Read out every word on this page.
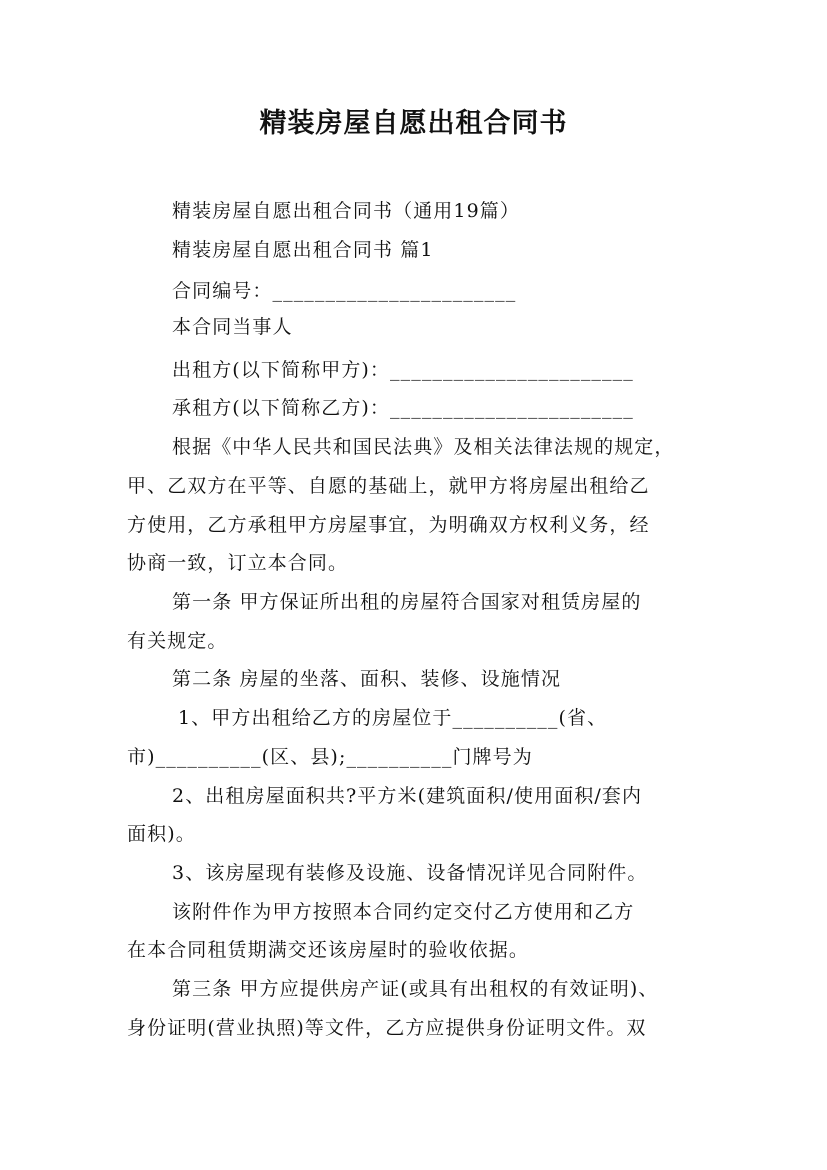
精装房屋自愿出租合同书
精装房屋自愿出租合同书（通用19篇）
精装房屋自愿出租合同书 篇1
合同编号：_______________________
本合同当事人
出租方(以下简称甲方)：_______________________
承租方(以下简称乙方)：_______________________
根据《中华人民共和国民法典》及相关法律法规的规定，
甲、乙双方在平等、自愿的基础上，就甲方将房屋出租给乙
方使用，乙方承租甲方房屋事宜，为明确双方权利义务，经
协商一致，订立本合同。
第一条 甲方保证所出租的房屋符合国家对租赁房屋的
有关规定。
第二条 房屋的坐落、面积、装修、设施情况
1、甲方出租给乙方的房屋位于__________(省、
市)__________(区、县);__________门牌号为
2、出租房屋面积共?平方米(建筑面积/使用面积/套内
面积)。
3、该房屋现有装修及设施、设备情况详见合同附件。
该附件作为甲方按照本合同约定交付乙方使用和乙方
在本合同租赁期满交还该房屋时的验收依据。
第三条 甲方应提供房产证(或具有出租权的有效证明)、
身份证明(营业执照)等文件，乙方应提供身份证明文件。双
